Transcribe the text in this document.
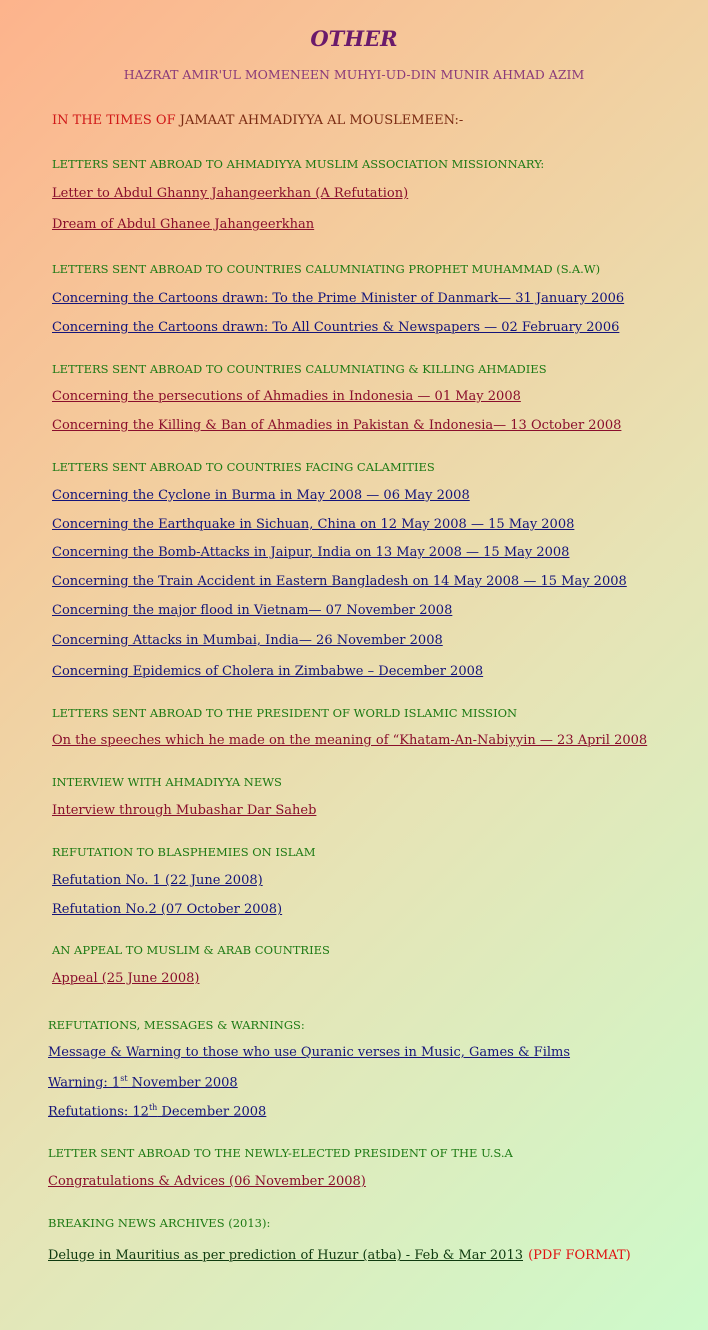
OTHER
HAZRAT AMIR'UL MOMENEEN MUHYI-UD-DIN MUNIR AHMAD AZIM
IN THE TIMES OF JAMAAT AHMADIYYA AL MOUSLEMEEN:-
LETTERS SENT ABROAD TO AHMADIYYA MUSLIM ASSOCIATION MISSIONNARY:
Letter to Abdul Ghanny Jahangeerkhan (A Refutation)
Dream of Abdul Ghanee Jahangeerkhan
LETTERS SENT ABROAD TO COUNTRIES CALUMNIATING PROPHET MUHAMMAD (S.A.W)
Concerning the Cartoons drawn: To the Prime Minister of Danmark— 31 January 2006
Concerning the Cartoons drawn: To All Countries & Newspapers — 02 February 2006
LETTERS SENT ABROAD TO COUNTRIES CALUMNIATING & KILLING AHMADIES
Concerning the persecutions of Ahmadies in Indonesia — 01 May 2008
Concerning the Killing & Ban of Ahmadies in Pakistan & Indonesia— 13 October 2008
LETTERS SENT ABROAD TO COUNTRIES FACING CALAMITIES
Concerning the Cyclone in Burma in May 2008 — 06 May 2008
Concerning the Earthquake in Sichuan, China on 12 May 2008 — 15 May 2008
Concerning the Bomb-Attacks in Jaipur, India on 13 May 2008 — 15 May 2008
Concerning the Train Accident in Eastern Bangladesh on 14 May 2008 — 15 May 2008
Concerning the major flood in Vietnam— 07 November 2008
Concerning Attacks in Mumbai, India— 26 November 2008
Concerning Epidemics of Cholera in Zimbabwe – December 2008
LETTERS SENT ABROAD TO THE PRESIDENT OF WORLD ISLAMIC MISSION
On the speeches which he made on the meaning of “Khatam-An-Nabiyyin — 23 April 2008
INTERVIEW WITH AHMADIYYA NEWS
Interview through Mubashar Dar Saheb
REFUTATION TO BLASPHEMIES ON ISLAM
Refutation No. 1 (22 June 2008)
Refutation No.2 (07 October 2008)
AN APPEAL TO MUSLIM & ARAB COUNTRIES
Appeal (25 June 2008)
REFUTATIONS, MESSAGES & WARNINGS:
Message & Warning to those who use Quranic verses in Music, Games & Films
Warning: 1st November 2008
Refutations: 12th December 2008
LETTER SENT ABROAD TO THE NEWLY-ELECTED PRESIDENT OF THE U.S.A
Congratulations & Advices (06 November 2008)
BREAKING NEWS ARCHIVES (2013):
Deluge in Mauritius as per prediction of Huzur (atba) - Feb & Mar 2013 (PDF FORMAT)
